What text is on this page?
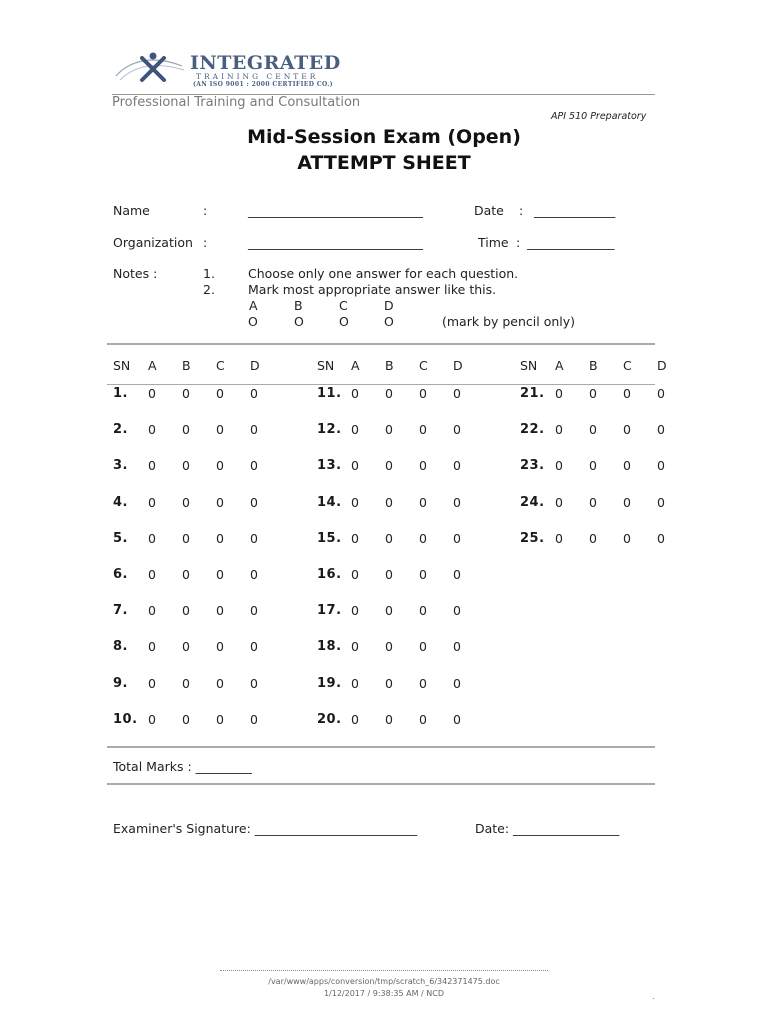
INTEGRATED
TRAINING CENTER
(AN ISO 9001 : 2000 CERTIFIED CO.)
Professional Training and Consultation
API 510 Preparatory
Mid-Session Exam (Open)
ATTEMPT SHEET
Name	:	____________________________	Date : _____________
Organization :	____________________________	Time : ______________
Notes :	1.	Choose only one answer for each question.
2.	Mark most appropriate answer like this.
A	B	C	D
O	O	O	O	(mark by pencil only)
SN A B C D
1. 0 0 0 0
2. 0 0 0 0
3. 0 0 0 0
4. 0 0 0 0
5. 0 0 0 0
6. 0 0 0 0
7. 0 0 0 0
8. 0 0 0 0
9. 0 0 0 0
10. 0 0 0 0
SN A B C D
11. 0 0 0 0
12. 0 0 0 0
13. 0 0 0 0
14. 0 0 0 0
15. 0 0 0 0
16. 0 0 0 0
17. 0 0 0 0
18. 0 0 0 0
19. 0 0 0 0
20. 0 0 0 0
SN A B C D
21. 0 0 0 0
22. 0 0 0 0
23. 0 0 0 0
24. 0 0 0 0
25. 0 0 0 0
Total Marks : _________
Examiner's Signature: __________________________	Date: _________________
/var/www/apps/conversion/tmp/scratch_6/342371475.doc
1/12/2017 / 9:38:35 AM / NCD	.
